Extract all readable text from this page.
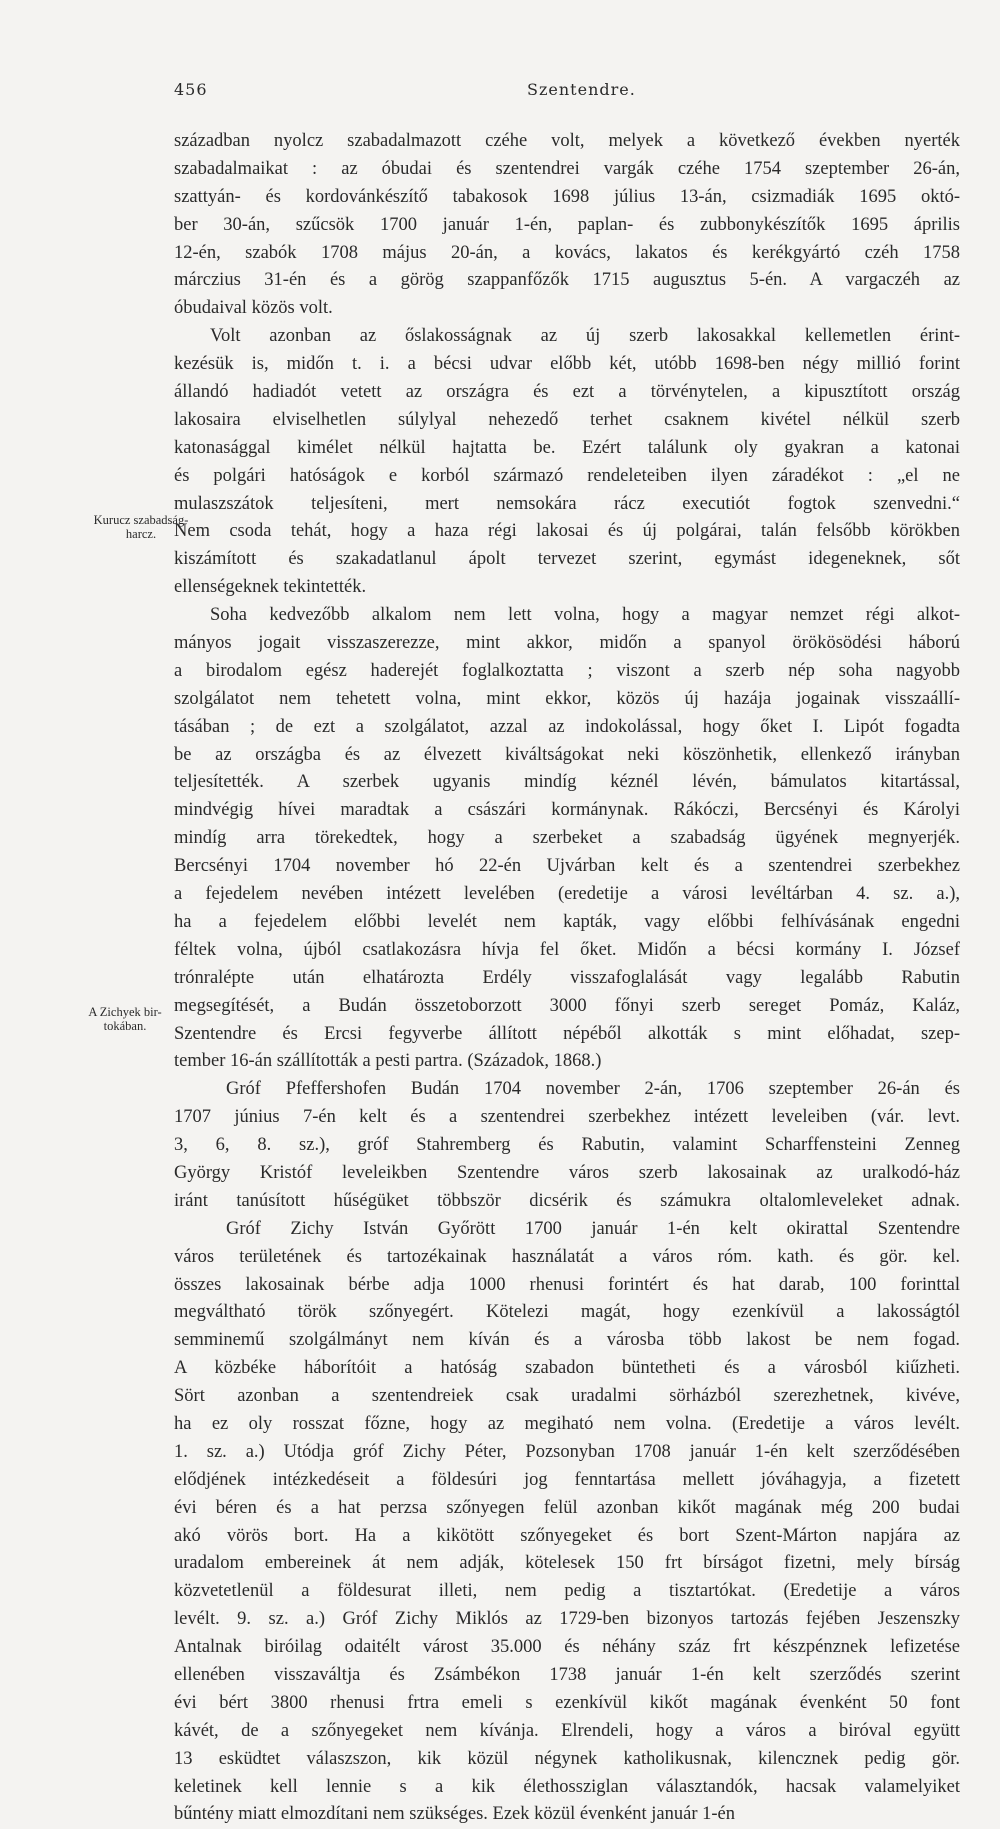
456	Szentendre.
Kurucz szabadság-harcz.
A Zichyek bir-tokában.
században nyolcz szabadalmazott czéhe volt, melyek a következő években nyerték
szabadalmaikat : az óbudai és szentendrei vargák czéhe 1754 szeptember 26-án,
szattyán- és kordovánkészítő tabakosok 1698 július 13-án, csizmadiák 1695 októ-
ber 30-án, szűcsök 1700 január 1-én, paplan- és zubbonykészítők 1695 április
12-én, szabók 1708 május 20-án, a kovács, lakatos és kerékgyártó czéh 1758
márczius 31-én és a görög szappanfőzők 1715 augusztus 5-én. A vargaczéh az
óbudaival közös volt.
Volt azonban az őslakosságnak az új szerb lakosakkal kellemetlen érint-
kezésük is, midőn t. i. a bécsi udvar előbb két, utóbb 1698-ben négy millió forint
állandó hadiadót vetett az országra és ezt a törvénytelen, a kipusztított ország
lakosaira elviselhetlen súlylyal nehezedő terhet csaknem kivétel nélkül szerb
katonasággal kimélet nélkül hajtatta be. Ezért találunk oly gyakran a katonai
és polgári hatóságok e korból származó rendeleteiben ilyen záradékot : „el ne
mulaszszátok teljesíteni, mert nemsokára rácz executiót fogtok szenvedni.“
Nem csoda tehát, hogy a haza régi lakosai és új polgárai, talán felsőbb körökben
kiszámított és szakadatlanul ápolt tervezet szerint, egymást idegeneknek, sőt
ellenségeknek tekintették.
Soha kedvezőbb alkalom nem lett volna, hogy a magyar nemzet régi alkot-
mányos jogait visszaszerezze, mint akkor, midőn a spanyol örökösödési háború
a birodalom egész haderejét foglalkoztatta ; viszont a szerb nép soha nagyobb
szolgálatot nem tehetett volna, mint ekkor, közös új hazája jogainak visszaállí-
tásában ; de ezt a szolgálatot, azzal az indokolással, hogy őket I. Lipót fogadta
be az országba és az élvezett kiváltságokat neki köszönhetik, ellenkező irányban
teljesítették. A szerbek ugyanis mindíg kéznél lévén, bámulatos kitartással,
mindvégig hívei maradtak a császári kormánynak. Rákóczi, Bercsényi és Károlyi
mindíg arra törekedtek, hogy a szerbeket a szabadság ügyének megnyerjék.
Bercsényi 1704 november hó 22-én Ujvárban kelt és a szentendrei szerbekhez
a fejedelem nevében intézett levelében (eredetije a városi levéltárban 4. sz. a.),
ha a fejedelem előbbi levelét nem kapták, vagy előbbi felhívásának engedni
féltek volna, újból csatlakozásra hívja fel őket. Midőn a bécsi kormány I. József
trónralépte után elhatározta Erdély visszafoglalását vagy legalább Rabutin
megsegítését, a Budán összetoborzott 3000 főnyi szerb sereget Pomáz, Kaláz,
Szentendre és Ercsi fegyverbe állított népéből alkották s mint előhadat, szep-
tember 16-án szállították a pesti partra. (Századok, 1868.)
Gróf Pfeffershofen Budán 1704 november 2-án, 1706 szeptember 26-án és
1707 június 7-én kelt és a szentendrei szerbekhez intézett leveleiben (vár. levt.
3, 6, 8. sz.), gróf Stahremberg és Rabutin, valamint Scharffensteini Zenneg
György Kristóf leveleikben Szentendre város szerb lakosainak az uralkodó-ház
iránt tanúsított hűségüket többször dicsérik és számukra oltalomleveleket adnak.
Gróf Zichy István Győrött 1700 január 1-én kelt okirattal Szentendre
város területének és tartozékainak használatát a város róm. kath. és gör. kel.
összes lakosainak bérbe adja 1000 rhenusi forintért és hat darab, 100 forinttal
megváltható török szőnyegért. Kötelezi magát, hogy ezenkívül a lakosságtól
semminemű szolgálmányt nem kíván és a városba több lakost be nem fogad.
A közbéke háborítóit a hatóság szabadon büntetheti és a városból kiűzheti.
Sört azonban a szentendreiek csak uradalmi sörházból szerezhetnek, kivéve,
ha ez oly rosszat főzne, hogy az megiható nem volna. (Eredetije a város levélt.
1. sz. a.) Utódja gróf Zichy Péter, Pozsonyban 1708 január 1-én kelt szerződésében
elődjének intézkedéseit a földesúri jog fenntartása mellett jóváhagyja, a fizetett
évi béren és a hat perzsa szőnyegen felül azonban kikőt magának még 200 budai
akó vörös bort. Ha a kikötött szőnyegeket és bort Szent-Márton napjára az
uradalom embereinek át nem adják, kötelesek 150 frt bírságot fizetni, mely bírság
közvetetlenül a földesurat illeti, nem pedig a tisztartókat. (Eredetije a város
levélt. 9. sz. a.) Gróf Zichy Miklós az 1729-ben bizonyos tartozás fejében Jeszenszky
Antalnak biróilag odaitélt várost 35.000 és néhány száz frt készpénznek lefizetése
ellenében visszaváltja és Zsámbékon 1738 január 1-én kelt szerződés szerint
évi bért 3800 rhenusi frtra emeli s ezenkívül kikőt magának évenként 50 font
kávét, de a szőnyegeket nem kívánja. Elrendeli, hogy a város a biróval együtt
13 esküdtet válaszszon, kik közül négynek katholikusnak, kilencznek pedig gör.
keletinek kell lennie s a kik élethossziglan választandók, hacsak valamelyiket
bűntény miatt elmozdítani nem szükséges. Ezek közül évenként január 1-én
